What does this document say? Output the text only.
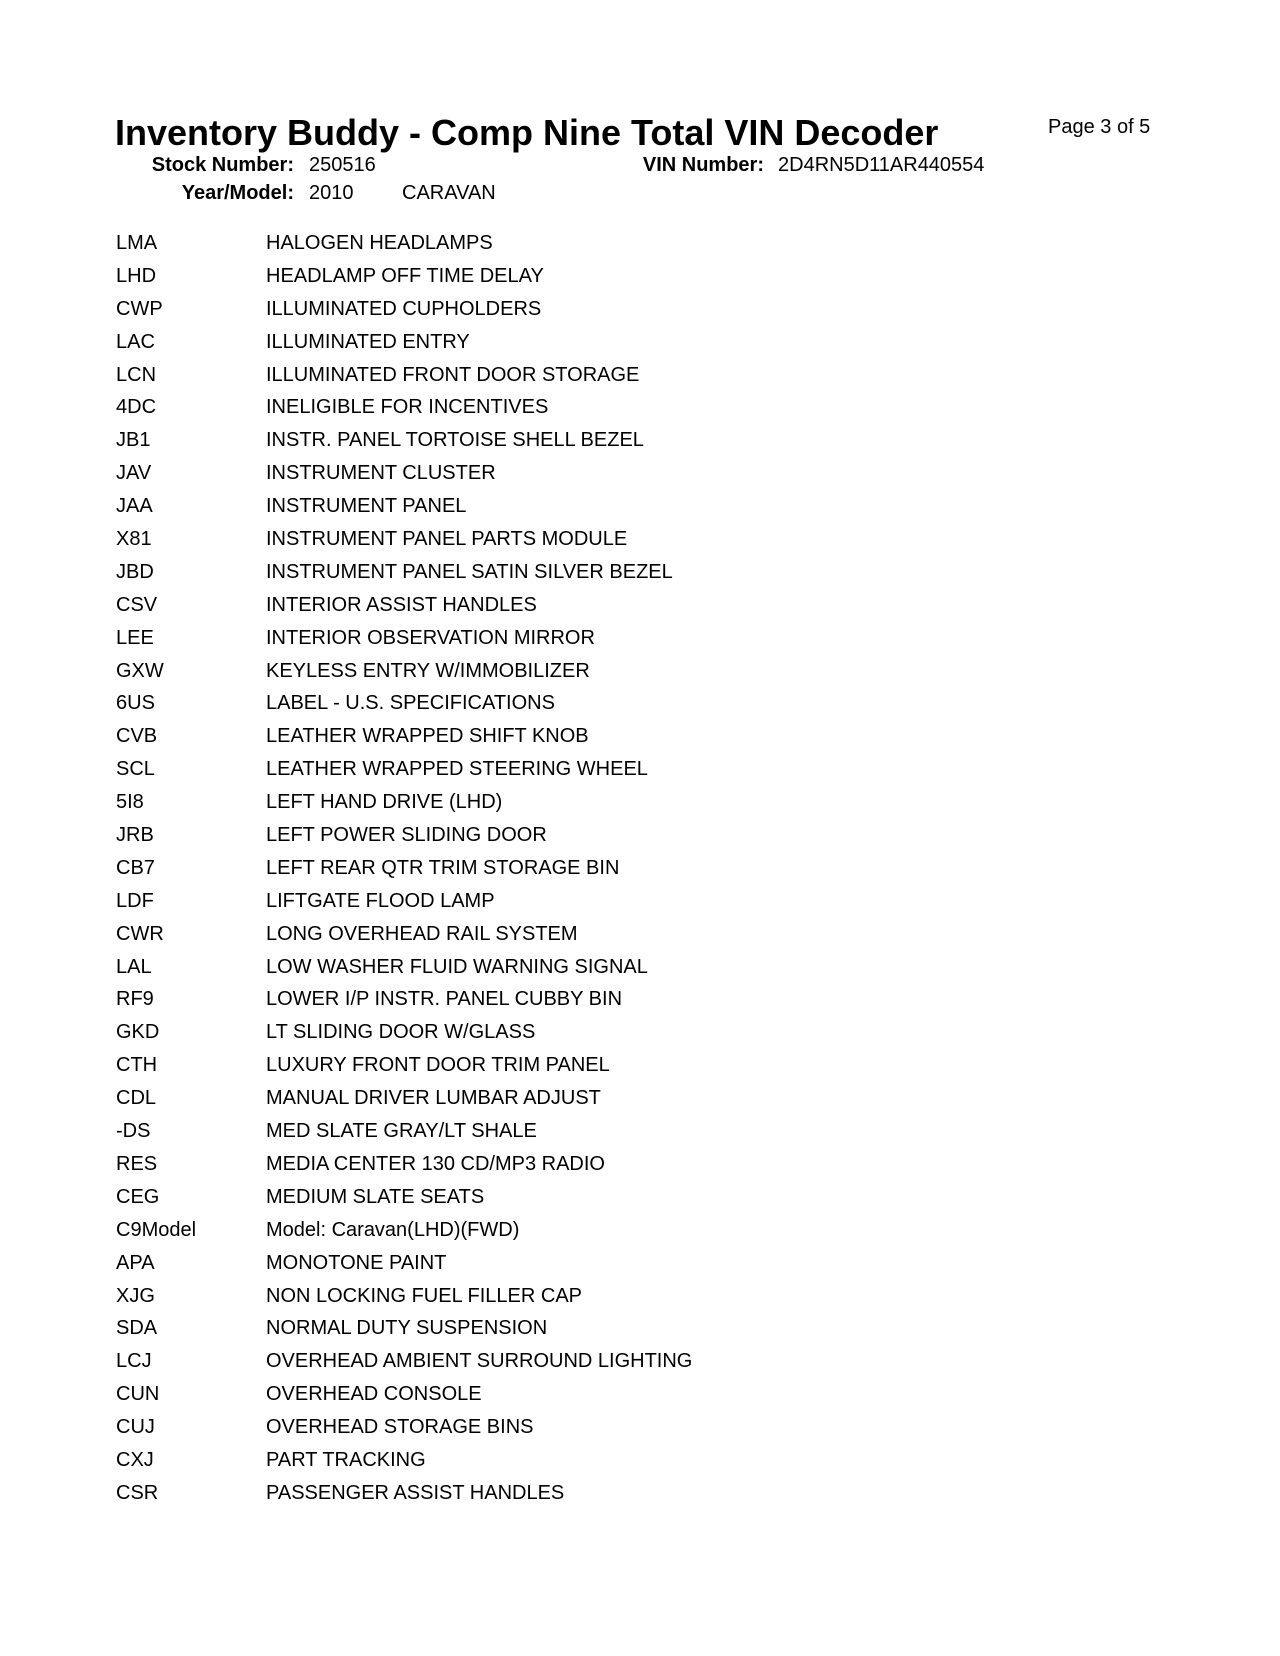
Inventory Buddy - Comp Nine Total VIN Decoder	Page 3 of 5
Stock Number: 250516	VIN Number: 2D4RN5D11AR440554
Year/Model: 2010 CARAVAN
LMA	HALOGEN HEADLAMPS
LHD	HEADLAMP OFF TIME DELAY
CWP	ILLUMINATED CUPHOLDERS
LAC	ILLUMINATED ENTRY
LCN	ILLUMINATED FRONT DOOR STORAGE
4DC	INELIGIBLE FOR INCENTIVES
JB1	INSTR. PANEL TORTOISE SHELL BEZEL
JAV	INSTRUMENT CLUSTER
JAA	INSTRUMENT PANEL
X81	INSTRUMENT PANEL PARTS MODULE
JBD	INSTRUMENT PANEL SATIN SILVER BEZEL
CSV	INTERIOR ASSIST HANDLES
LEE	INTERIOR OBSERVATION MIRROR
GXW	KEYLESS ENTRY W/IMMOBILIZER
6US	LABEL - U.S. SPECIFICATIONS
CVB	LEATHER WRAPPED SHIFT KNOB
SCL	LEATHER WRAPPED STEERING WHEEL
5I8	LEFT HAND DRIVE (LHD)
JRB	LEFT POWER SLIDING DOOR
CB7	LEFT REAR QTR TRIM STORAGE BIN
LDF	LIFTGATE FLOOD LAMP
CWR	LONG OVERHEAD RAIL SYSTEM
LAL	LOW WASHER FLUID WARNING SIGNAL
RF9	LOWER I/P INSTR. PANEL CUBBY BIN
GKD	LT SLIDING DOOR W/GLASS
CTH	LUXURY FRONT DOOR TRIM PANEL
CDL	MANUAL DRIVER LUMBAR ADJUST
-DS	MED SLATE GRAY/LT SHALE
RES	MEDIA CENTER 130 CD/MP3 RADIO
CEG	MEDIUM SLATE SEATS
C9Model	Model: Caravan(LHD)(FWD)
APA	MONOTONE PAINT
XJG	NON LOCKING FUEL FILLER CAP
SDA	NORMAL DUTY SUSPENSION
LCJ	OVERHEAD AMBIENT SURROUND LIGHTING
CUN	OVERHEAD CONSOLE
CUJ	OVERHEAD STORAGE BINS
CXJ	PART TRACKING
CSR	PASSENGER ASSIST HANDLES
